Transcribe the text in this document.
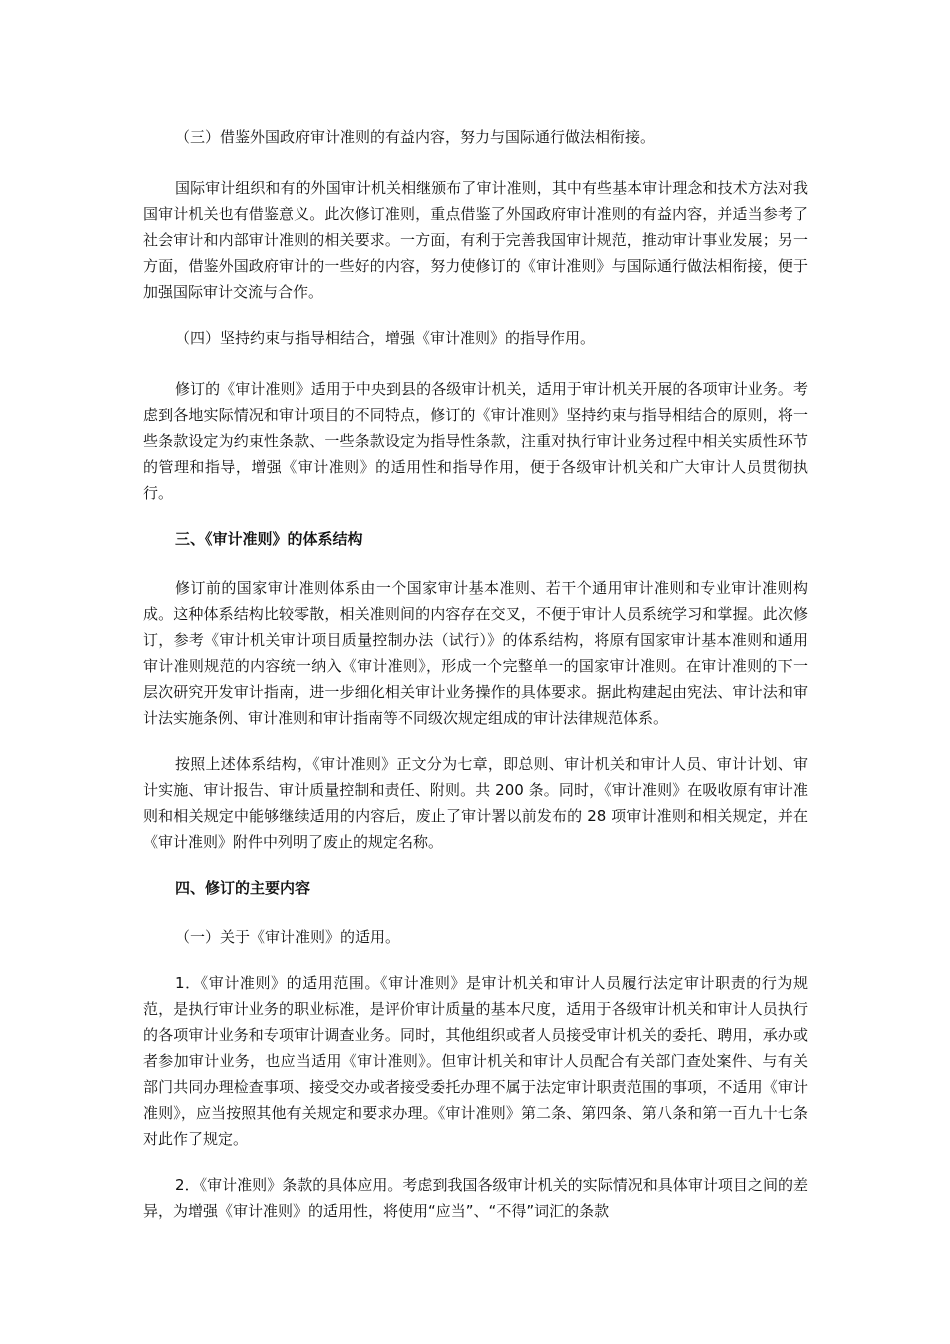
（三）借鉴外国政府审计准则的有益内容，努力与国际通行做法相衔接。

国际审计组织和有的外国审计机关相继颁布了审计准则，其中有些基本审计理念和技术方法对我国审计机关也有借鉴意义。此次修订准则，重点借鉴了外国政府审计准则的有益内容，并适当参考了社会审计和内部审计准则的相关要求。一方面，有利于完善我国审计规范，推动审计事业发展；另一方面，借鉴外国政府审计的一些好的内容，努力使修订的《审计准则》与国际通行做法相衔接，便于加强国际审计交流与合作。

（四）坚持约束与指导相结合，增强《审计准则》的指导作用。

修订的《审计准则》适用于中央到县的各级审计机关，适用于审计机关开展的各项审计业务。考虑到各地实际情况和审计项目的不同特点，修订的《审计准则》坚持约束与指导相结合的原则，将一些条款设定为约束性条款、一些条款设定为指导性条款，注重对执行审计业务过程中相关实质性环节的管理和指导，增强《审计准则》的适用性和指导作用，便于各级审计机关和广大审计人员贯彻执行。

三、《审计准则》的体系结构

修订前的国家审计准则体系由一个国家审计基本准则、若干个通用审计准则和专业审计准则构成。这种体系结构比较零散，相关准则间的内容存在交叉，不便于审计人员系统学习和掌握。此次修订，参考《审计机关审计项目质量控制办法（试行）》的体系结构，将原有国家审计基本准则和通用审计准则规范的内容统一纳入《审计准则》，形成一个完整单一的国家审计准则。在审计准则的下一层次研究开发审计指南，进一步细化相关审计业务操作的具体要求。据此构建起由宪法、审计法和审计法实施条例、审计准则和审计指南等不同级次规定组成的审计法律规范体系。

按照上述体系结构，《审计准则》正文分为七章，即总则、审计机关和审计人员、审计计划、审计实施、审计报告、审计质量控制和责任、附则。共 200 条。同时，《审计准则》在吸收原有审计准则和相关规定中能够继续适用的内容后，废止了审计署以前发布的 28 项审计准则和相关规定，并在《审计准则》附件中列明了废止的规定名称。

四、修订的主要内容

（一）关于《审计准则》的适用。

1．《审计准则》的适用范围。《审计准则》是审计机关和审计人员履行法定审计职责的行为规范，是执行审计业务的职业标准，是评价审计质量的基本尺度，适用于各级审计机关和审计人员执行的各项审计业务和专项审计调查业务。同时，其他组织或者人员接受审计机关的委托、聘用，承办或者参加审计业务，也应当适用《审计准则》。但审计机关和审计人员配合有关部门查处案件、与有关部门共同办理检查事项、接受交办或者接受委托办理不属于法定审计职责范围的事项，不适用《审计准则》，应当按照其他有关规定和要求办理。《审计准则》第二条、第四条、第八条和第一百九十七条对此作了规定。

2．《审计准则》条款的具体应用。考虑到我国各级审计机关的实际情况和具体审计项目之间的差异，为增强《审计准则》的适用性，将使用“应当”、“不得”词汇的条款
